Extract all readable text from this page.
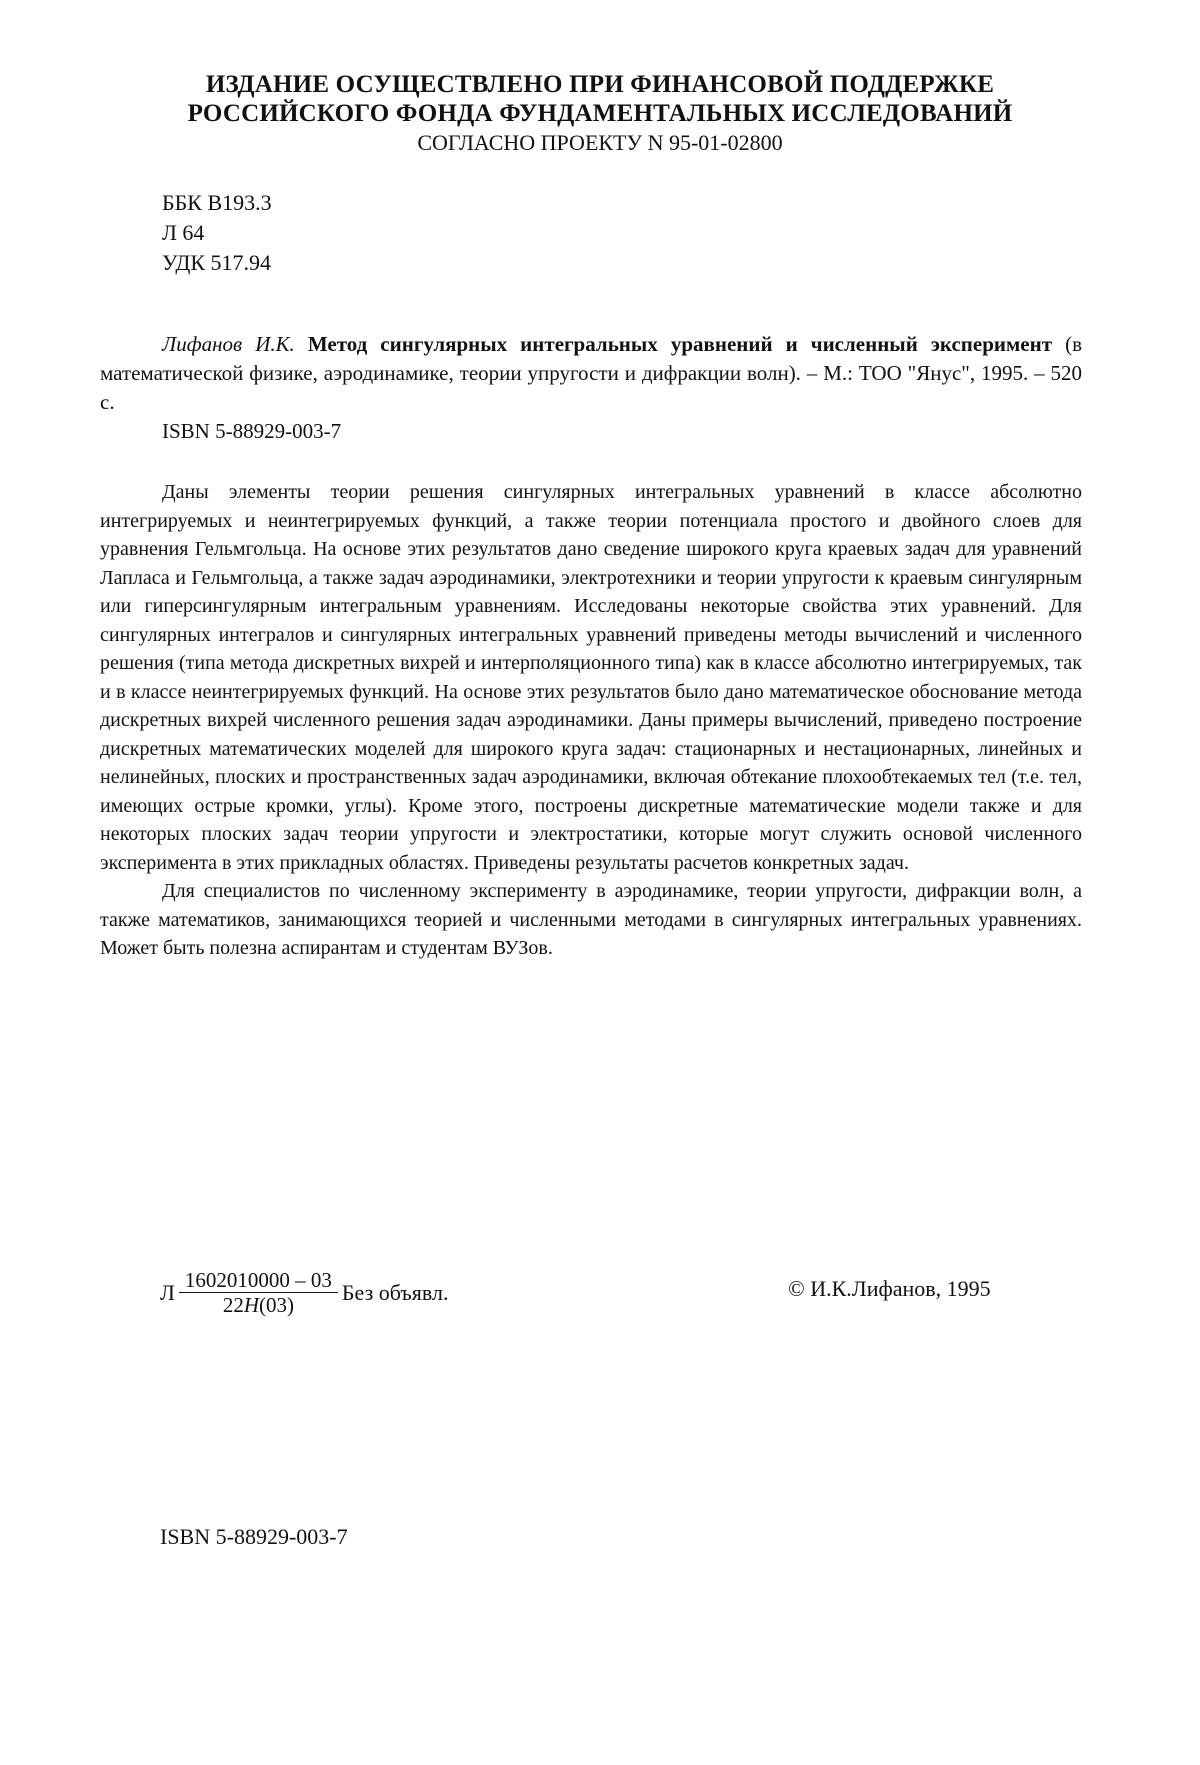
ИЗДАНИЕ ОСУЩЕСТВЛЕНО ПРИ ФИНАНСОВОЙ ПОДДЕРЖКЕ
РОССИЙСКОГО ФОНДА ФУНДАМЕНТАЛЬНЫХ ИССЛЕДОВАНИЙ
СОГЛАСНО ПРОЕКТУ N 95-01-02800
ББК В193.3
Л 64
УДК 517.94

Лифанов И.К. Метод сингулярных интегральных уравнений и численный эксперимент (в математической физике, аэродинамике, теории упругости и дифракции волн). – М.: ТОО "Янус", 1995. – 520 с.

ISBN 5-88929-003-7

Даны элементы теории решения сингулярных интегральных уравнений в классе абсолютно интегрируемых и неинтегрируемых функций, а также теории потенциала простого и двойного слоев для уравнения Гельмгольца. На основе этих результатов дано сведение широкого круга краевых задач для уравнений Лапласа и Гельмгольца, а также задач аэродинамики, электротехники и теории упругости к краевым сингулярным или гиперсингулярным интегральным уравнениям. Исследованы некоторые свойства этих уравнений. Для сингулярных интегралов и сингулярных интегральных уравнений приведены методы вычислений и численного решения (типа метода дискретных вихрей и интерполяционного типа) как в классе абсолютно интегрируемых, так и в классе неинтегрируемых функций. На основе этих результатов было дано математическое обоснование метода дискретных вихрей численного решения задач аэродинамики. Даны примеры вычислений, приведено построение дискретных математических моделей для широкого круга задач: стационарных и нестационарных, линейных и нелинейных, плоских и пространственных задач аэродинамики, включая обтекание плохообтекаемых тел (т.е. тел, имеющих острые кромки, углы). Кроме этого, построены дискретные математические модели также и для некоторых плоских задач теории упругости и электростатики, которые могут служить основой численного эксперимента в этих прикладных областях. Приведены результаты расчетов конкретных задач.

Для специалистов по численному эксперименту в аэродинамике, теории упругости, дифракции волн, а также математиков, занимающихся теорией и численными методами в сингулярных интегральных уравнениях. Может быть полезна аспирантам и студентам ВУЗов.

Л $\frac{1602010000 - 03}{22Н(03)}$ Без объявл.	© И.К.Лифанов, 1995
ISBN 5-88929-003-7
